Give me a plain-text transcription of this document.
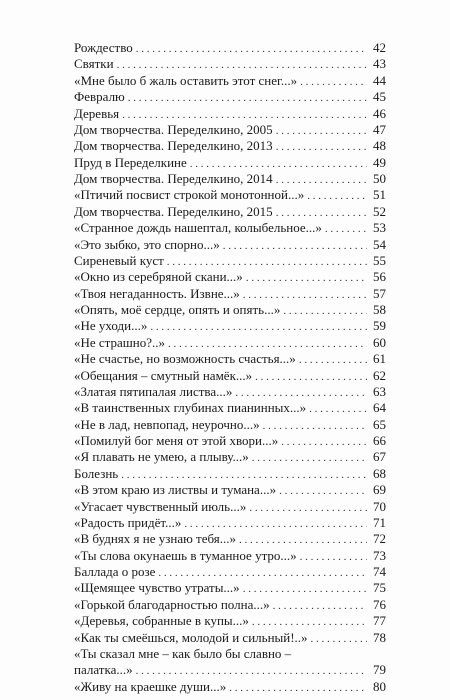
Рождество . . .	42
Святки . . .	43
«Мне было б жаль оставить этот снег...» . . .	44
Февралю . . .	45
Деревья . . .	46
Дом творчества. Переделкино, 2005 . . .	47
Дом творчества. Переделкино, 2013 . . .	48
Пруд в Переделкине . . .	49
Дом творчества. Переделкино, 2014 . . .	50
«Птичий посвист строкой монотонной...» . . .	51
Дом творчества. Переделкино, 2015 . . .	52
«Странное дождь нашептал, колыбельное...» . . .	53
«Это зыбко, это спорно...» . . .	54
Сиреневый куст . . .	55
«Окно из серебряной скани...» . . .	56
«Твоя негаданность. Извне...» . . .	57
«Опять, моё сердце, опять и опять...» . . .	58
«Не уходи...» . . .	59
«Не страшно?..» . . .	60
«Не счастье, но возможность счастья...» . . .	61
«Обещания – смутный намёк...» . . .	62
«Златая пятипалая листва...» . . .	63
«В таинственных глубинах пианинных...» . . .	64
«Не в лад, невпопад, неурочно...» . . .	65
«Помилуй бог меня от этой хвори...» . . .	66
«Я плавать не умею, а плыву...» . . .	67
Болезнь . . .	68
«В этом краю из листвы и тумана...» . . .	69
«Угасает чувственный июль...» . . .	70
«Радость придёт...» . . .	71
«В буднях я не узнаю тебя...» . . .	72
«Ты слова окунаешь в туманное утро...» . . .	73
Баллада о розе . . .	74
«Щемящее чувство утраты...» . . .	75
«Горькой благодарностью полна...» . . .	76
«Деревья, собранные в купы...» . . .	77
«Как ты смеёшься, молодой и сильный!..» . . .	78
«Ты сказал мне – как было бы славно –
палатка...» . . .	79
«Живу на краешке души...» . . .	80
